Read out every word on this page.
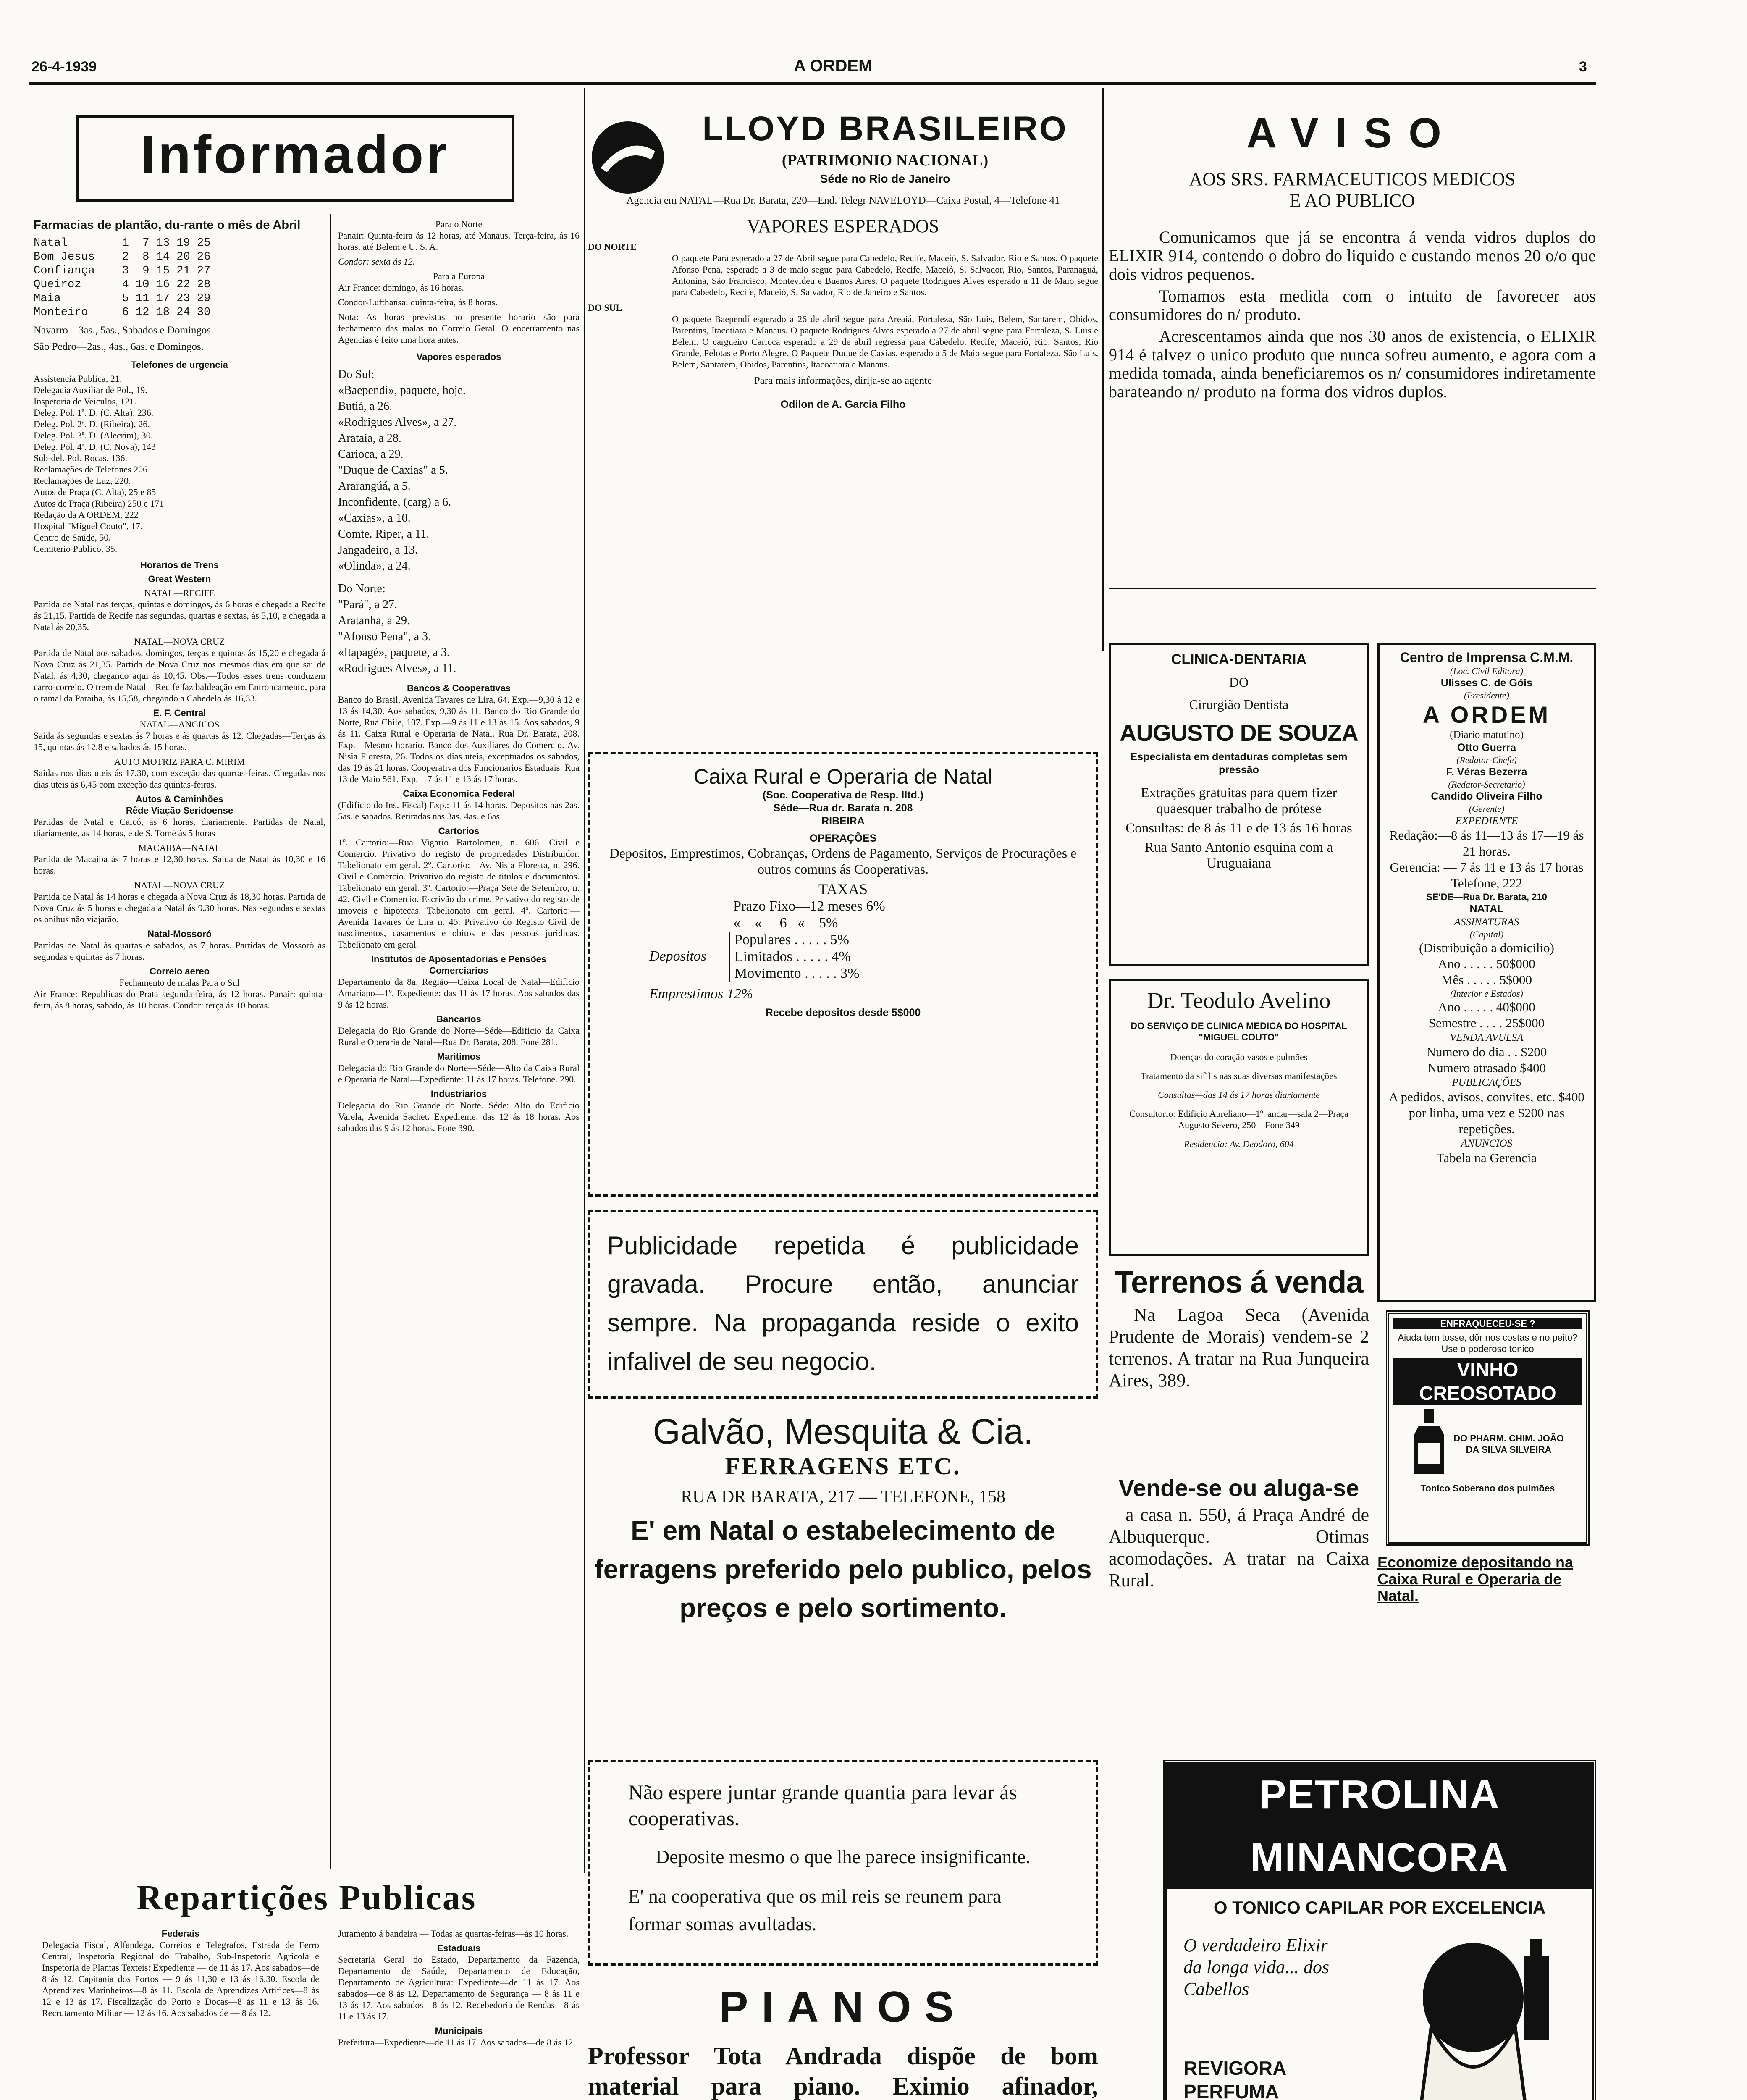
26-4-1939	A ORDEM	3
Informador
Farmacias de plantão, du-rante o mês de Abril
Natal        1  7 13 19 25
Bom Jesus    2  8 14 20 26
Confiança    3  9 15 21 27
Queiroz      4 10 16 22 28
Maia         5 11 17 23 29
Monteiro     6 12 18 24 30

Navarro—3as., 5as., Sabados e Domingos.

São Pedro—2as., 4as., 6as. e Domingos.

Telefones de urgencia
Assistencia Publica, 21.
Delegacia Auxiliar de Pol., 19.
Inspetoria de Veiculos, 121.
Deleg. Pol. 1ª. D. (C. Alta), 236.
Deleg. Pol. 2ª. D. (Ribeira), 26.
Deleg. Pol. 3ª. D. (Alecrim), 30.
Deleg. Pol. 4ª. D. (C. Nova), 143
Sub-del. Pol. Rocas, 136.
Reclamações de Telefones 206
Reclamações de Luz, 220.
Autos de Praça (C. Alta), 25 e 85
Autos de Praça (Ribeira) 250 e 171
Redação da A ORDEM, 222
Hospital "Miguel Couto", 17.
Centro de Saúde, 50.
Cemiterio Publico, 35.
Horarios de Trens
Great Western
NATAL—RECIFE

Partida de Natal nas terças, quintas e domingos, ás 6 horas e chegada a Recife ás 21,15. Partida de Recife nas segundas, quartas e sextas, ás 5,10, e chegada a Natal ás 20,35.

NATAL—NOVA CRUZ

Partida de Natal aos sabados, domingos, terças e quintas ás 15,20 e chegada á Nova Cruz ás 21,35. Partida de Nova Cruz nos mesmos dias em que sai de Natal, ás 4,30, chegando aqui ás 10,45. Obs.—Todos esses trens conduzem carro-correio. O trem de Natal—Recife faz baldeação em Entroncamento, para o ramal da Paraiba, ás 15,58, chegando a Cabedelo ás 16,33.

E. F. Central
NATAL—ANGICOS

Saida ás segundas e sextas ás 7 horas e ás quartas ás 12. Chegadas—Terças ás 15, quintas ás 12,8 e sabados ás 15 horas.

AUTO MOTRIZ PARA C. MIRIM

Saidas nos dias uteis ás 17,30, com exceção das quartas-feiras. Chegadas nos dias uteis ás 6,45 com exceção das quintas-feiras.

Autos & Caminhões
Rêde Viação Seridoense

Partidas de Natal e Caicó, ás 6 horas, diariamente. Partidas de Natal, diariamente, ás 14 horas, e de S. Tomé ás 5 horas

MACAIBA—NATAL

Partida de Macaiba ás 7 horas e 12,30 horas. Saida de Natal ás 10,30 e 16 horas.

NATAL—NOVA CRUZ

Partida de Natal ás 14 horas e chegada a Nova Cruz ás 18,30 horas. Partida de Nova Cruz ás 5 horas e chegada a Natal ás 9,30 horas. Nas segundas e sextas os onibus não viajarão.

Natal-Mossoró

Partidas de Natal ás quartas e sabados, ás 7 horas. Partidas de Mossoró ás segundas e quintas ás 7 horas.

Correio aereo
Fechamento de malas Para o Sul

Air France: Republicas do Prata segunda-feira, ás 12 horas. Panair: quinta-feira, ás 8 horas, sabado, ás 10 horas. Condor: terça ás 10 horas.

Para o Norte

Panair: Quinta-feira ás 12 horas, até Manaus. Terça-feira, ás 16 horas, até Belem e U. S. A.

Condor: sexta ás 12.

Para a Europa

Air France: domingo, ás 16 horas.

Condor-Lufthansa: quinta-feira, ás 8 horas.

Nota: As horas previstas no presente horario são para fechamento das malas no Correio Geral. O encerramento nas Agencias é feito uma hora antes.

Vapores esperados
Do Sul:
«Baependí», paquete, hoje.
Butiá, a 26.
«Rodrigues Alves», a 27.
Arataia, a 28.
Carioca, a 29.
"Duque de Caxias" a 5.
Ararangúá, a 5.
Inconfidente, (carg) a 6.
«Caxias», a 10.
Comte. Riper, a 11.
Jangadeiro, a 13.
«Olinda», a 24.
Do Norte:
"Pará", a 27.
Aratanha, a 29.
"Afonso Pena", a 3.
«Itapagé», paquete, a 3.
«Rodrigues Alves», a 11.
Bancos & Cooperativas

Banco do Brasil, Avenida Tavares de Lira, 64. Exp.—9,30 á 12 e 13 ás 14,30. Aos sabados, 9,30 ás 11. Banco do Rio Grande do Norte, Rua Chile, 107. Exp.—9 ás 11 e 13 ás 15. Aos sabados, 9 ás 11. Caixa Rural e Operaria de Natal. Rua Dr. Barata, 208. Exp.—Mesmo horario. Banco dos Auxiliares do Comercio. Av. Nisia Floresta, 26. Todos os dias uteis, exceptuados os sabados, das 19 ás 21 horas. Cooperativa dos Funcionarios Estaduais. Rua 13 de Maio 561. Exp.—7 ás 11 e 13 ás 17 horas.

Caixa Economica Federal

(Edificio do Ins. Fiscal) Exp.: 11 ás 14 horas. Depositos nas 2as. 5as. e sabados. Retiradas nas 3as. 4as. e 6as.

Cartorios

1º. Cartorio:—Rua Vigario Bartolomeu, n. 606. Civil e Comercio. Privativo do registo de propriedades Distribuidor. Tabelionato em geral. 2º. Cartorio:—Av. Nisia Floresta, n. 296. Civil e Comercio. Privativo do registo de titulos e documentos. Tabelionato em geral. 3º. Cartorio:—Praça Sete de Setembro, n. 42. Civil e Comercio. Escrivão do crime. Privativo do registo de imoveis e hipotecas. Tabelionato em geral. 4º. Cartorio:—Avenida Tavares de Lira n. 45. Privativo do Registo Civil de nascimentos, casamentos e obitos e das pessoas juridicas. Tabelionato em geral.

Institutos de Aposentadorias e Pensões
Comerciarios

Departamento da 8a. Região—Caixa Local de Natal—Edificio Amariano—1º. Expediente: das 11 ás 17 horas. Aos sabados das 9 ás 12 horas.

Bancarios

Delegacia do Rio Grande do Norte—Séde—Edificio da Caixa Rural e Operaria de Natal—Rua Dr. Barata, 208. Fone 281.

Maritimos

Delegacia do Rio Grande do Norte—Séde—Alto da Caixa Rural e Operaria de Natal—Expediente: 11 ás 17 horas. Telefone. 290.

Industriarios

Delegacia do Rio Grande do Norte. Séde: Alto do Edificio Varela, Avenida Sachet. Expediente: das 12 ás 18 horas. Aos sabados das 9 ás 12 horas. Fone 390.

Repartições Publicas
Federais

Delegacia Fiscal, Alfandega, Correios e Telegrafos, Estrada de Ferro Central, Inspetoria Regional do Trabalho, Sub-Inspetoria Agricola e Inspetoria de Plantas Texteis: Expediente — de 11 ás 17. Aos sabados—de 8 ás 12. Capitania dos Portos — 9 ás 11,30 e 13 ás 16,30. Escola de Aprendizes Marinheiros—8 ás 11. Escola de Aprendizes Artifices—8 ás 12 e 13 ás 17. Fiscalização do Porto e Docas—8 ás 11 e 13 ás 16. Recrutamento Militar — 12 ás 16. Aos sabados de — 8 ás 12.

Juramento á bandeira — Todas as quartas-feiras—ás 10 horas.

Estaduais

Secretaria Geral do Estado, Departamento da Fazenda, Departamento de Saúde, Departamento de Educação, Departamento de Agricultura: Expediente—de 11 ás 17. Aos sabados—de 8 ás 12. Departamento de Segurança — 8 ás 11 e 13 ás 17. Aos sabados—8 ás 12. Recebedoria de Rendas—8 ás 11 e 13 ás 17.

Municipais

Prefeitura—Expediente—de 11 ás 17. Aos sabados—de 8 ás 12.

LLOYD BRASILEIRO
(PATRIMONIO NACIONAL)
Séde no Rio de Janeiro
Agencia em NATAL—Rua Dr. Barata, 220—End. Telegr NAVELOYD—Caixa Postal, 4—Telefone 41
VAPORES ESPERADOS
DO NORTE

O paquete Pará esperado a 27 de Abril segue para Cabedelo, Recife, Maceió, S. Salvador, Rio e Santos. O paquete Afonso Pena, esperado a 3 de maio segue para Cabedelo, Recife, Maceió, S. Salvador, Rio, Santos, Paranaguá, Antonina, São Francisco, Montevideu e Buenos Aires. O paquete Rodrigues Alves esperado a 11 de Maio segue para Cabedelo, Recife, Maceió, S. Salvador, Rio de Janeiro e Santos.

DO SUL

O paquete Baependí esperado a 26 de abril segue para Areaiá, Fortaleza, São Luis, Belem, Santarem, Obidos, Parentins, Itacotiara e Manaus. O paquete Rodrigues Alves esperado a 27 de abril segue para Fortaleza, S. Luis e Belem. O cargueiro Carioca esperado a 29 de abril regressa para Cabedelo, Recife, Maceió, Rio, Santos, Rio Grande, Pelotas e Porto Alegre. O Paquete Duque de Caxias, esperado a 5 de Maio segue para Fortaleza, São Luis, Belem, Santarem, Obidos, Parentins, Itacoatiara e Manaus.

Para mais informações, dirija-se ao agente
Odilon de A. Garcia Filho
Caixa Rural e Operaria de Natal
(Soc. Cooperativa de Resp. lltd.)
Séde—Rua dr. Barata n. 208
RIBEIRA
OPERAÇÕES

Depositos, Emprestimos, Cobranças, Ordens de Pagamento, Serviços de Procurações e outros comuns ás Cooperativas.

TAXAS
Prazo Fixo—12 meses 6%
«    «     6   «    5%
Depositos
Populares . . . . . 5%
Limitados . . . . . 4%
Movimento . . . . . 3%
Emprestimos 12%
Recebe depositos desde 5$000

Publicidade repetida é publicidade gravada. Procure então, anunciar sempre. Na propaganda reside o exito infalivel de seu negocio.

Galvão, Mesquita & Cia.
FERRAGENS ETC.
RUA DR BARATA, 217 — TELEFONE, 158

E' em Natal o estabelecimento de ferragens preferido pelo publico, pelos preços e pelo sortimento.

Não espere juntar grande quantia para levar ás cooperativas.

Deposite mesmo o que lhe parece insignificante.

E' na cooperativa que os mil reis se reunem para formar somas avultadas.

PIANOS

Professor Tota Andrada dispõe de bom material para piano. Eximio afinador,

AVISO
AOS SRS. FARMACEUTICOS MEDICOS
E AO PUBLICO

Comunicamos que já se encontra á venda vidros duplos do ELIXIR 914, contendo o dobro do liquido e custando menos 20 o/o que dois vidros pequenos.

Tomamos esta medida com o intuito de favorecer aos consumidores do n/ produto.

Acrescentamos ainda que nos 30 anos de existencia, o ELIXIR 914 é talvez o unico produto que nunca sofreu aumento, e agora com a medida tomada, ainda beneficiaremos os n/ consumidores indiretamente barateando n/ produto na forma dos vidros duplos.

CLINICA-DENTARIA
DO
Cirurgião Dentista
AUGUSTO DE SOUZA
Especialista em dentaduras completas sem pressão

Extrações gratuitas para quem fizer quaesquer trabalho de prótese

Consultas: de 8 ás 11 e de 13 ás 16 horas

Rua Santo Antonio esquina com a Uruguaiana

Dr. Teodulo Avelino
DO SERVIÇO DE CLINICA MEDICA DO HOSPITAL "MIGUEL COUTO"

Doenças do coração vasos e pulmões

Tratamento da sifilis nas suas diversas manifestações

Consultas—das 14 ás 17 horas diariamente

Consultorio: Edificio Aureliano—1º. andar—sala 2—Praça Augusto Severo, 250—Fone 349

Residencia: Av. Deodoro, 604

Terrenos á venda

Na Lagoa Seca (Avenida Prudente de Morais) vendem-se 2 terrenos. A tratar na Rua Junqueira Aires, 389.

Vende-se ou aluga-se

a casa n. 550, á Praça André de Albuquerque. Otimas acomodações. A tratar na Caixa Rural.

Centro de Imprensa C.M.M.
(Loc. Civil Editora)
Ulisses C. de Góis
(Presidente)
A ORDEM
(Diario matutino)
Otto Guerra
(Redator-Chefe)
F. Véras Bezerra
(Redator-Secretario)
Candido Oliveira Filho
(Gerente)
EXPEDIENTE
Redação:—8 ás 11—13 ás 17—19 ás 21 horas.
Gerencia: — 7 ás 11 e 13 ás 17 horas
Telefone, 222
SE'DE—Rua Dr. Barata, 210
NATAL
ASSINATURAS
(Capital)
(Distribuição a domicilio)
Ano . . . . . 50$000
Mês . . . . . 5$000
(Interior e Estados)
Ano . . . . . 40$000
Semestre . . . . 25$000
VENDA AVULSA
Numero do dia . . $200
Numero atrasado $400
PUBLICAÇÕES
A pedidos, avisos, convites, etc. $400 por linha, uma vez e $200 nas repetições.
ANUNCIOS
Tabela na Gerencia
ENFRAQUECEU-SE ?
Aiuda tem tosse, dôr nos costas e no peito? Use o poderoso tonico
VINHO CREOSOTADO
DO PHARM. CHIM. JOÃO DA SILVA SILVEIRA
Tonico Soberano dos pulmões
Economize depositando na Caixa Rural e Operaria de Natal.
PETROLINA MINANCORA
O TONICO CAPILAR POR EXCELENCIA
O verdadeiro Elixir da longa vida... dos Cabellos
REVIGORA
PERFUMA
